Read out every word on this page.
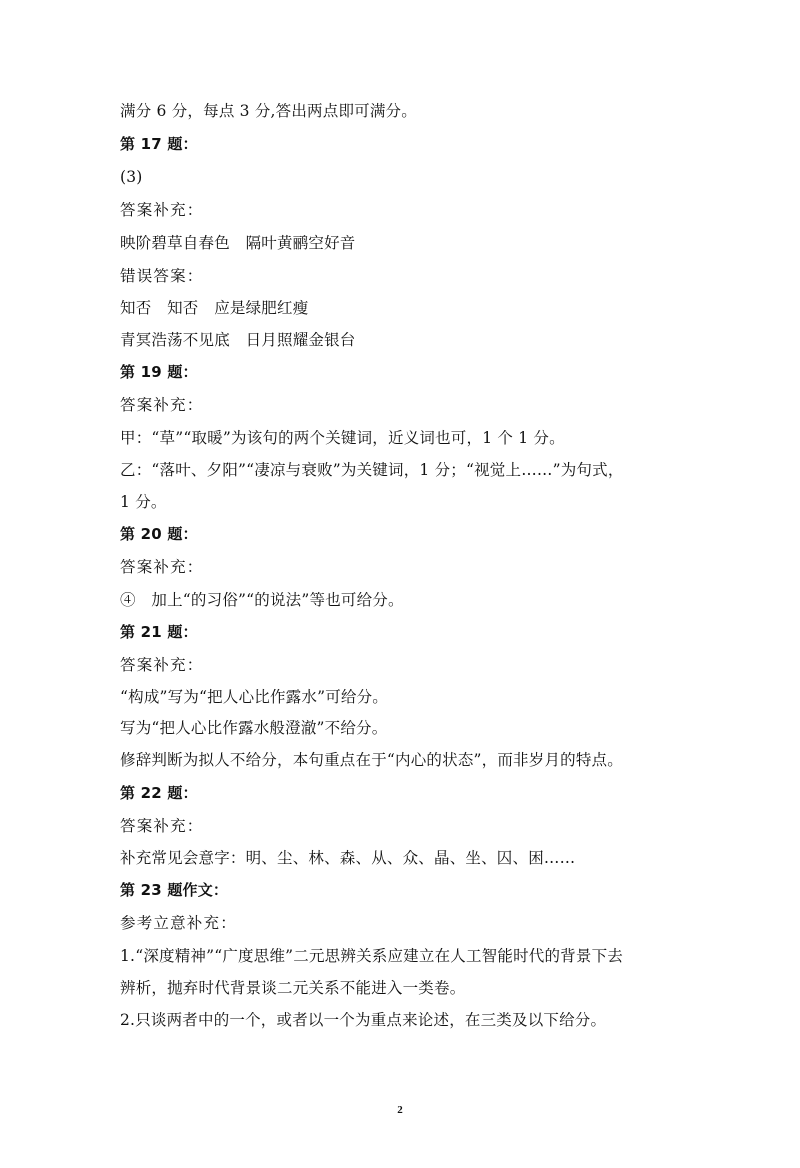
满分 6 分，每点 3 分,答出两点即可满分。
第 17 题：
(3)
答案补充：
映阶碧草自春色　隔叶黄鹂空好音
错误答案：
知否　知否　应是绿肥红瘦
青冥浩荡不见底　日月照耀金银台
第 19 题：
答案补充：
甲：“草”“取暖”为该句的两个关键词，近义词也可，1 个 1 分。
乙：“落叶、夕阳”“凄凉与衰败”为关键词，1 分；“视觉上……”为句式，
1 分。
第 20 题：
答案补充：
④　加上“的习俗”“的说法”等也可给分。
第 21 题：
答案补充：
“构成”写为“把人心比作露水”可给分。
写为“把人心比作露水般澄澈”不给分。
修辞判断为拟人不给分，本句重点在于“内心的状态”，而非岁月的特点。
第 22 题：
答案补充：
补充常见会意字：明、尘、林、森、从、众、晶、坐、囚、困……
第 23 题作文：
参考立意补充：
1.“深度精神”“广度思维”二元思辨关系应建立在人工智能时代的背景下去
辨析，抛弃时代背景谈二元关系不能进入一类卷。
2.只谈两者中的一个，或者以一个为重点来论述，在三类及以下给分。
2
